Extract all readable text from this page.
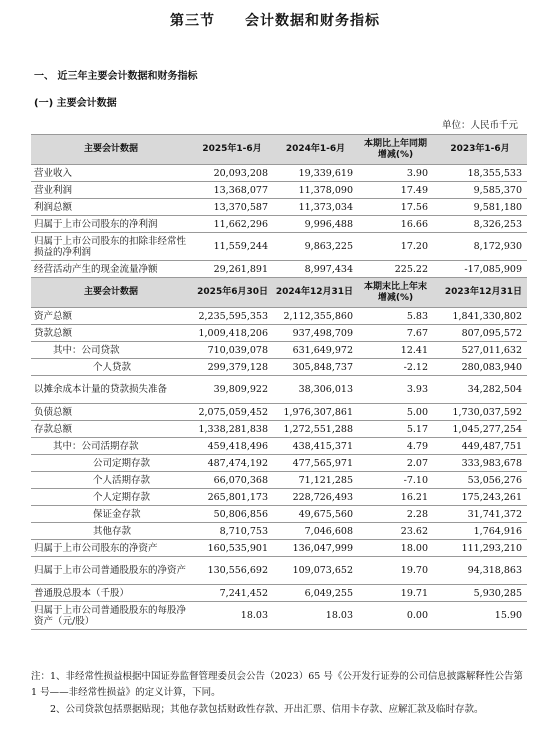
第三节　　会计数据和财务指标
一、 近三年主要会计数据和财务指标
(一) 主要会计数据
单位：人民币千元
主要会计数据	2025年1-6月	2024年1-6月	本期比上年同期增减(%)	2023年1-6月
营业收入	20,093,208	19,339,619	3.90	18,355,533
营业利润	13,368,077	11,378,090	17.49	9,585,370
利润总额	13,370,587	11,373,034	17.56	9,581,180
归属于上市公司股东的净利润	11,662,296	9,996,488	16.66	8,326,253
归属于上市公司股东的扣除非经常性损益的净利润	11,559,244	9,863,225	17.20	8,172,930
经营活动产生的现金流量净额	29,261,891	8,997,434	225.22	-17,085,909
主要会计数据	2025年6月30日	2024年12月31日	本期末比上年末增减(%)	2023年12月31日
资产总额	2,235,595,353	2,112,355,860	5.83	1,841,330,802
贷款总额	1,009,418,206	937,498,709	7.67	807,095,572
其中：公司贷款	710,039,078	631,649,972	12.41	527,011,632
个人贷款	299,379,128	305,848,737	-2.12	280,083,940
以摊余成本计量的贷款损失准备	39,809,922	38,306,013	3.93	34,282,504
负债总额	2,075,059,452	1,976,307,861	5.00	1,730,037,592
存款总额	1,338,281,838	1,272,551,288	5.17	1,045,277,254
其中：公司活期存款	459,418,496	438,415,371	4.79	449,487,751
公司定期存款	487,474,192	477,565,971	2.07	333,983,678
个人活期存款	66,070,368	71,121,285	-7.10	53,056,276
个人定期存款	265,801,173	228,726,493	16.21	175,243,261
保证金存款	50,806,856	49,675,560	2.28	31,741,372
其他存款	8,710,753	7,046,608	23.62	1,764,916
归属于上市公司股东的净资产	160,535,901	136,047,999	18.00	111,293,210
归属于上市公司普通股股东的净资产	130,556,692	109,073,652	19.70	94,318,863
普通股总股本（千股）	7,241,452	6,049,255	19.71	5,930,285
归属于上市公司普通股股东的每股净资产（元/股）	18.03	18.03	0.00	15.90

注：1、非经常性损益根据中国证券监督管理委员会公告（2023）65 号《公开发行证券的公司信息披露解释性公告第 1 号——非经常性损益》的定义计算，下同。

　　2、公司贷款包括票据贴现；其他存款包括财政性存款、开出汇票、信用卡存款、应解汇款及临时存款。
